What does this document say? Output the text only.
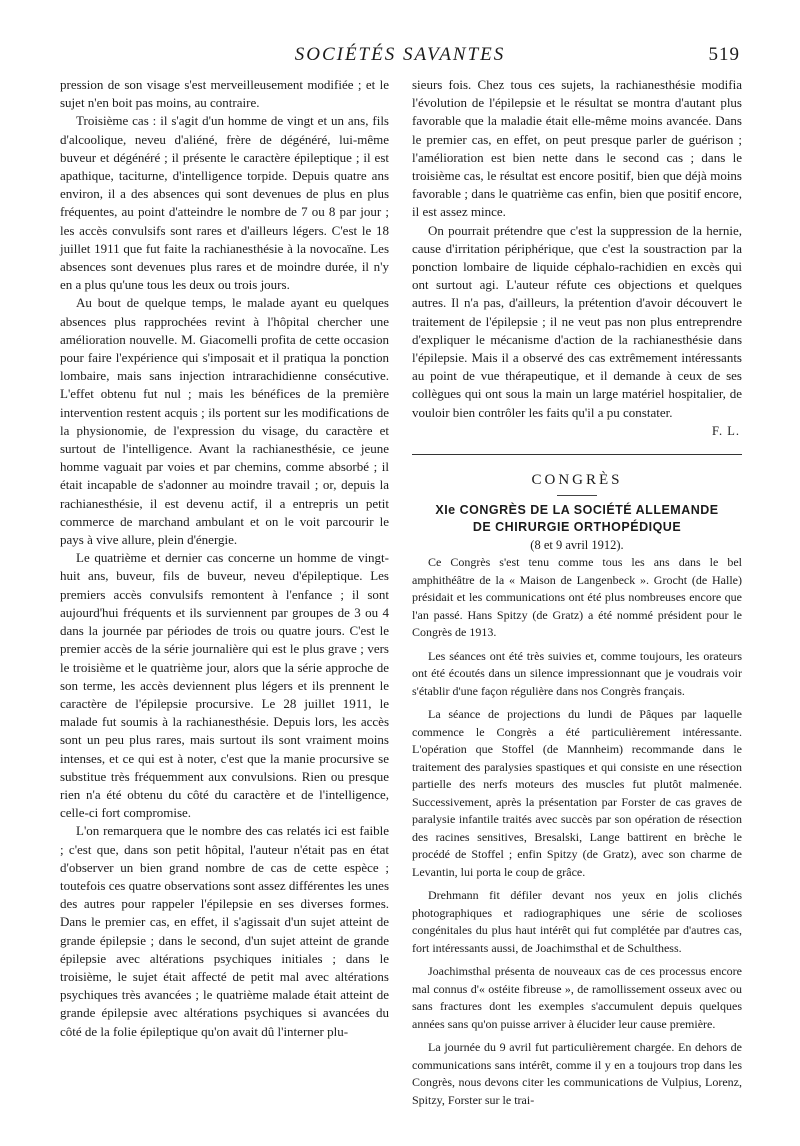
SOCIÉTÉS SAVANTES	519

pression de son visage s'est merveilleusement modifiée ; et le sujet n'en boit pas moins, au contraire.

Troisième cas : il s'agit d'un homme de vingt et un ans, fils d'alcoolique, neveu d'aliéné, frère de dégénéré, lui-même buveur et dégénéré ; il présente le caractère épileptique ; il est apathique, taciturne, d'intelligence torpide. Depuis quatre ans environ, il a des absences qui sont devenues de plus en plus fréquentes, au point d'atteindre le nombre de 7 ou 8 par jour ; les accès convulsifs sont rares et d'ailleurs légers. C'est le 18 juillet 1911 que fut faite la rachianesthésie à la novocaïne. Les absences sont devenues plus rares et de moindre durée, il n'y en a plus qu'une tous les deux ou trois jours.

Au bout de quelque temps, le malade ayant eu quelques absences plus rapprochées revint à l'hôpital chercher une amélioration nouvelle. M. Giacomelli profita de cette occasion pour faire l'expérience qui s'imposait et il pratiqua la ponction lombaire, mais sans injection intrarachidienne consécutive. L'effet obtenu fut nul ; mais les bénéfices de la première intervention restent acquis ; ils portent sur les modifications de la physionomie, de l'expression du visage, du caractère et surtout de l'intelligence. Avant la rachianesthésie, ce jeune homme vaguait par voies et par chemins, comme absorbé ; il était incapable de s'adonner au moindre travail ; or, depuis la rachianesthésie, il est devenu actif, il a entrepris un petit commerce de marchand ambulant et on le voit parcourir le pays à vive allure, plein d'énergie.

Le quatrième et dernier cas concerne un homme de vingt-huit ans, buveur, fils de buveur, neveu d'épileptique. Les premiers accès convulsifs remontent à l'enfance ; il sont aujourd'hui fréquents et ils surviennent par groupes de 3 ou 4 dans la journée par périodes de trois ou quatre jours. C'est le premier accès de la série journalière qui est le plus grave ; vers le troisième et le quatrième jour, alors que la série approche de son terme, les accès deviennent plus légers et ils prennent le caractère de l'épilepsie procursive. Le 28 juillet 1911, le malade fut soumis à la rachianesthésie. Depuis lors, les accès sont un peu plus rares, mais surtout ils sont vraiment moins intenses, et ce qui est à noter, c'est que la manie procursive se substitue très fréquemment aux convulsions. Rien ou presque rien n'a été obtenu du côté du caractère et de l'intelligence, celle-ci fort compromise.

L'on remarquera que le nombre des cas relatés ici est faible ; c'est que, dans son petit hôpital, l'auteur n'était pas en état d'observer un bien grand nombre de cas de cette espèce ; toutefois ces quatre observations sont assez différentes les unes des autres pour rappeler l'épilepsie en ses diverses formes. Dans le premier cas, en effet, il s'agissait d'un sujet atteint de grande épilepsie ; dans le second, d'un sujet atteint de grande épilepsie avec altérations psychiques initiales ; dans le troisième, le sujet était affecté de petit mal avec altérations psychiques très avancées ; le quatrième malade était atteint de grande épilepsie avec altérations psychiques si avancées du côté de la folie épileptique qu'on avait dû l'interner plu-

sieurs fois. Chez tous ces sujets, la rachianesthésie modifia l'évolution de l'épilepsie et le résultat se montra d'autant plus favorable que la maladie était elle-même moins avancée. Dans le premier cas, en effet, on peut presque parler de guérison ; l'amélioration est bien nette dans le second cas ; dans le troisième cas, le résultat est encore positif, bien que déjà moins favorable ; dans le quatrième cas enfin, bien que positif encore, il est assez mince.

On pourrait prétendre que c'est la suppression de la hernie, cause d'irritation périphérique, que c'est la soustraction par la ponction lombaire de liquide céphalo-rachidien en excès qui ont surtout agi. L'auteur réfute ces objections et quelques autres. Il n'a pas, d'ailleurs, la prétention d'avoir découvert le traitement de l'épilepsie ; il ne veut pas non plus entreprendre d'expliquer le mécanisme d'action de la rachianesthésie dans l'épilepsie. Mais il a observé des cas extrêmement intéressants au point de vue thérapeutique, et il demande à ceux de ses collègues qui ont sous la main un large matériel hospitalier, de vouloir bien contrôler les faits qu'il a pu constater.

F. L.
CONGRÈS

XIe CONGRÈS DE LA SOCIÉTÉ ALLEMANDE

DE CHIRURGIE ORTHOPÉDIQUE

(8 et 9 avril 1912).

Ce Congrès s'est tenu comme tous les ans dans le bel amphithéâtre de la « Maison de Langenbeck ». Grocht (de Halle) présidait et les communications ont été plus nombreuses encore que l'an passé. Hans Spitzy (de Gratz) a été nommé président pour le Congrès de 1913.

Les séances ont été très suivies et, comme toujours, les orateurs ont été écoutés dans un silence impressionnant que je voudrais voir s'établir d'une façon régulière dans nos Congrès français.

La séance de projections du lundi de Pâques par laquelle commence le Congrès a été particulièrement intéressante. L'opération que Stoffel (de Mannheim) recommande dans le traitement des paralysies spastiques et qui consiste en une résection partielle des nerfs moteurs des muscles fut plutôt malmenée. Successivement, après la présentation par Forster de cas graves de paralysie infantile traités avec succès par son opération de résection des racines sensitives, Bresalski, Lange battirent en brèche le procédé de Stoffel ; enfin Spitzy (de Gratz), avec son charme de Levantin, lui porta le coup de grâce.

Drehmann fit défiler devant nos yeux en jolis clichés photographiques et radiographiques une série de scolioses congénitales du plus haut intérêt qui fut complétée par d'autres cas, fort intéressants aussi, de Joachimsthal et de Schulthess.

Joachimsthal présenta de nouveaux cas de ces processus encore mal connus d'« ostéite fibreuse », de ramollissement osseux avec ou sans fractures dont les exemples s'accumulent depuis quelques années sans qu'on puisse arriver à élucider leur cause première.

La journée du 9 avril fut particulièrement chargée. En dehors de communications sans intérêt, comme il y en a toujours trop dans les Congrès, nous devons citer les communications de Vulpius, Lorenz, Spitzy, Forster sur le trai-
